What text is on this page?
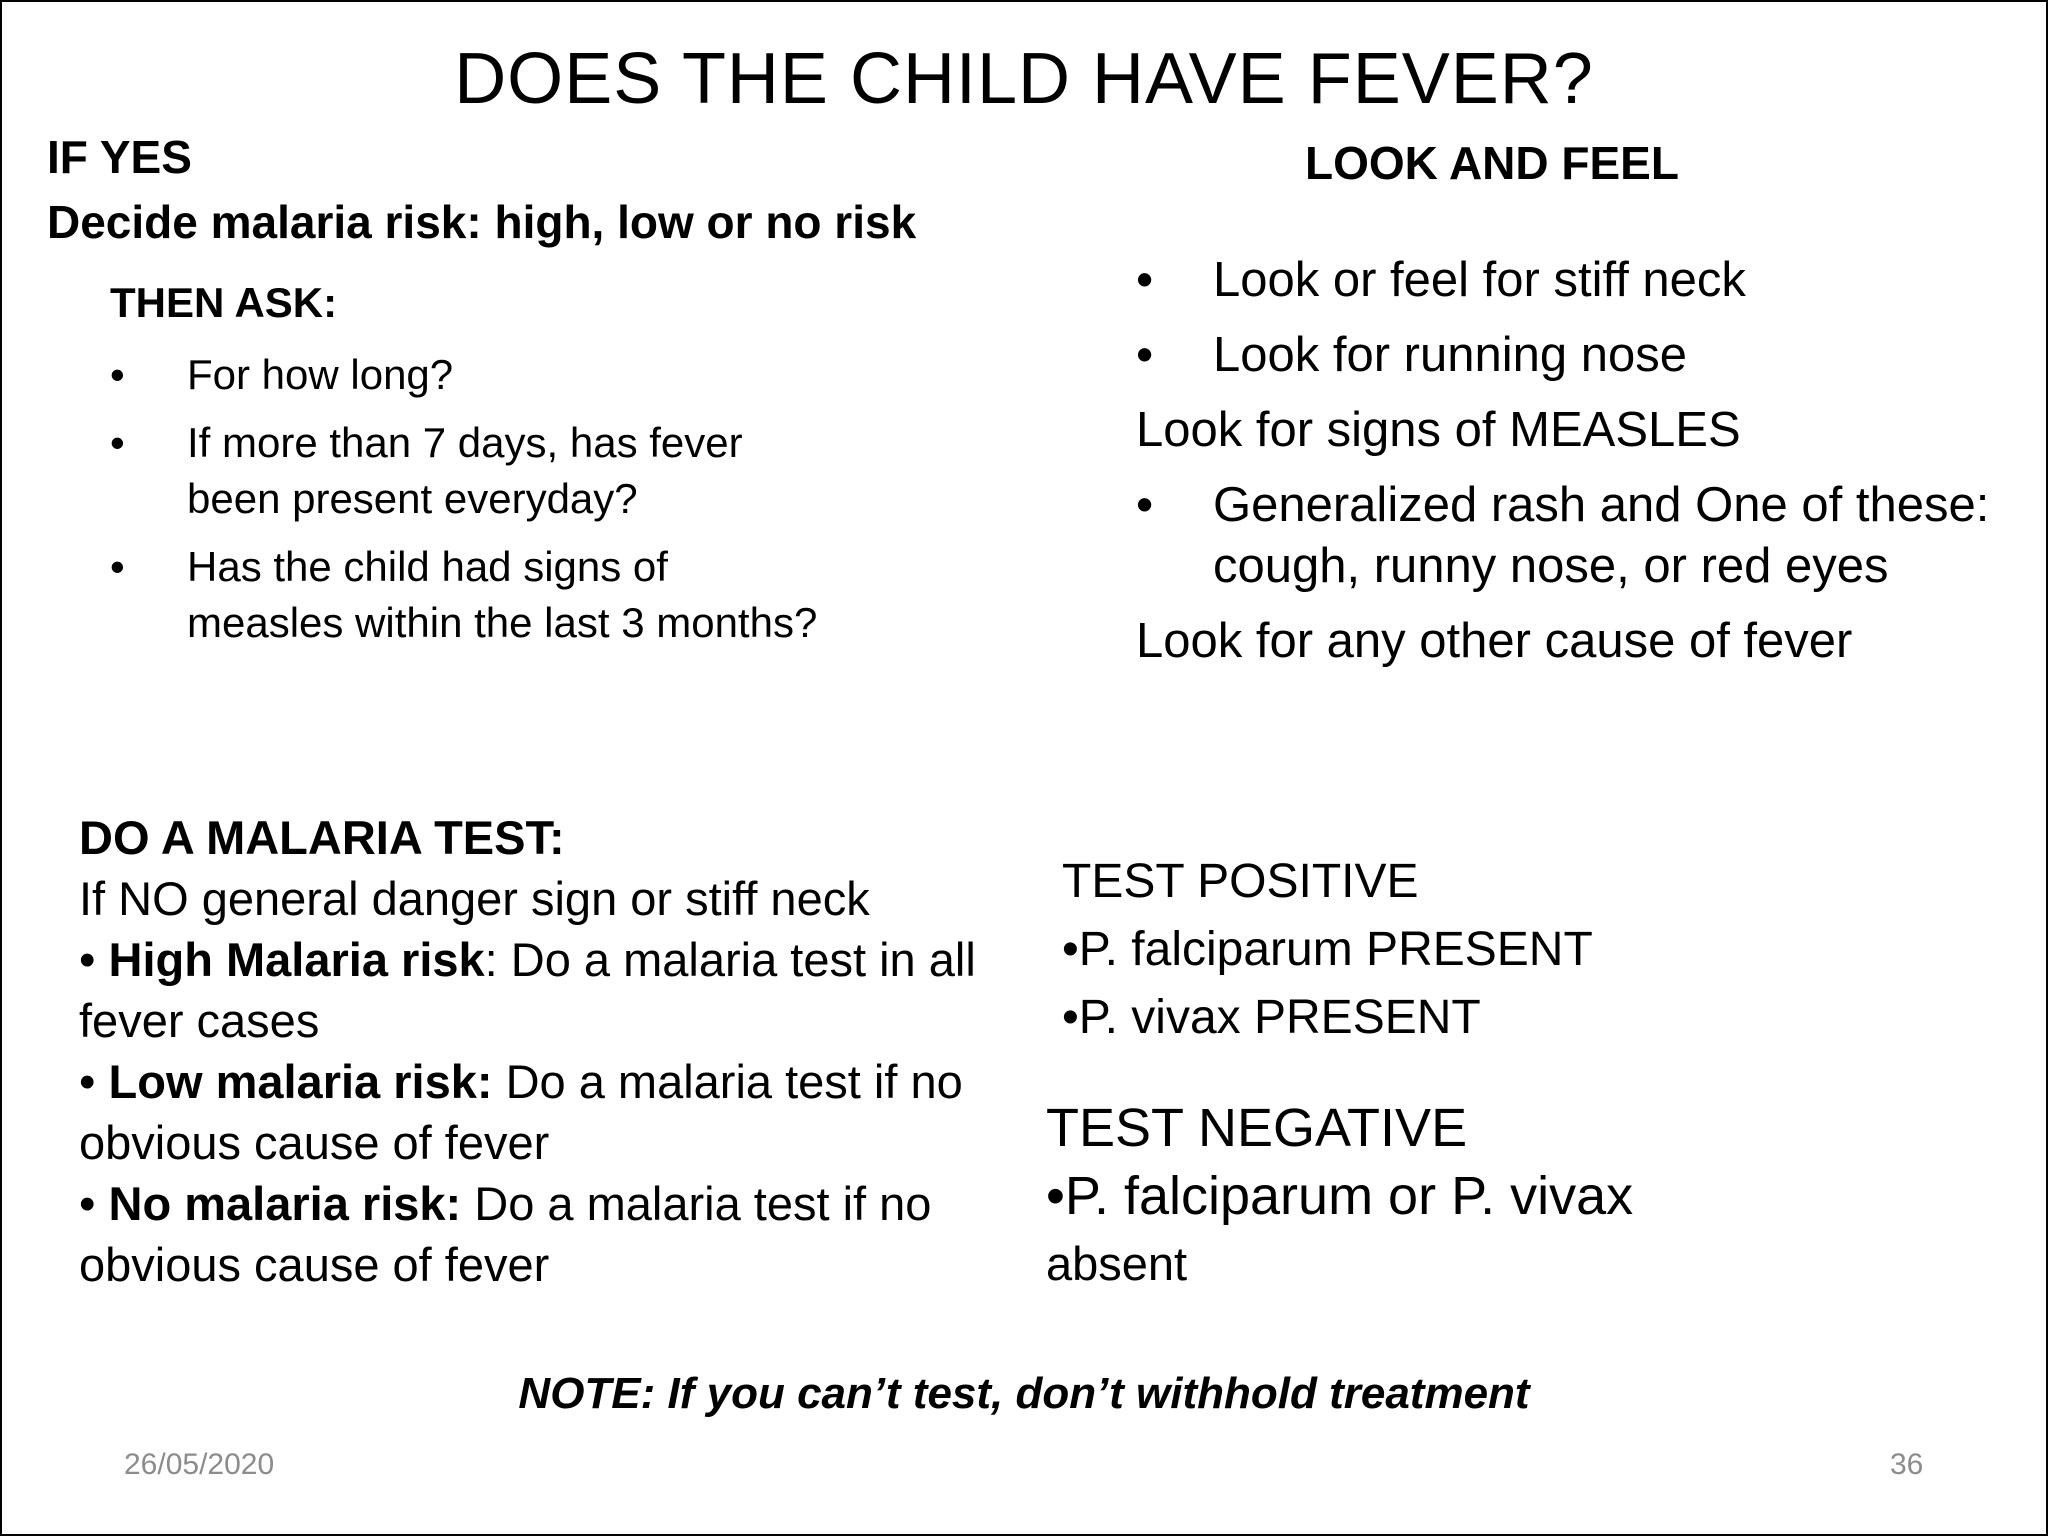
DOES THE CHILD HAVE FEVER?
IF YES
Decide malaria risk: high, low or no risk
THEN ASK:
• For how long?
• If more than 7 days, has fever been present everyday?
• Has the child had signs of measles within the last 3 months?
LOOK AND FEEL
• Look or feel for stiff neck
• Look for running nose
Look for signs of MEASLES
• Generalized rash and One of these: cough, runny nose, or red eyes
Look for any other cause of fever

DO A MALARIA TEST:

If NO general danger sign or stiff neck

• High Malaria risk: Do a malaria test in all fever cases

• Low malaria risk: Do a malaria test if no obvious cause of fever

• No malaria risk: Do a malaria test if no obvious cause of fever

TEST POSITIVE
•P. falciparum PRESENT
•P. vivax PRESENT
TEST NEGATIVE
•P. falciparum or P. vivax
absent
NOTE: If you can’t test, don’t withhold treatment
26/05/2020	36
